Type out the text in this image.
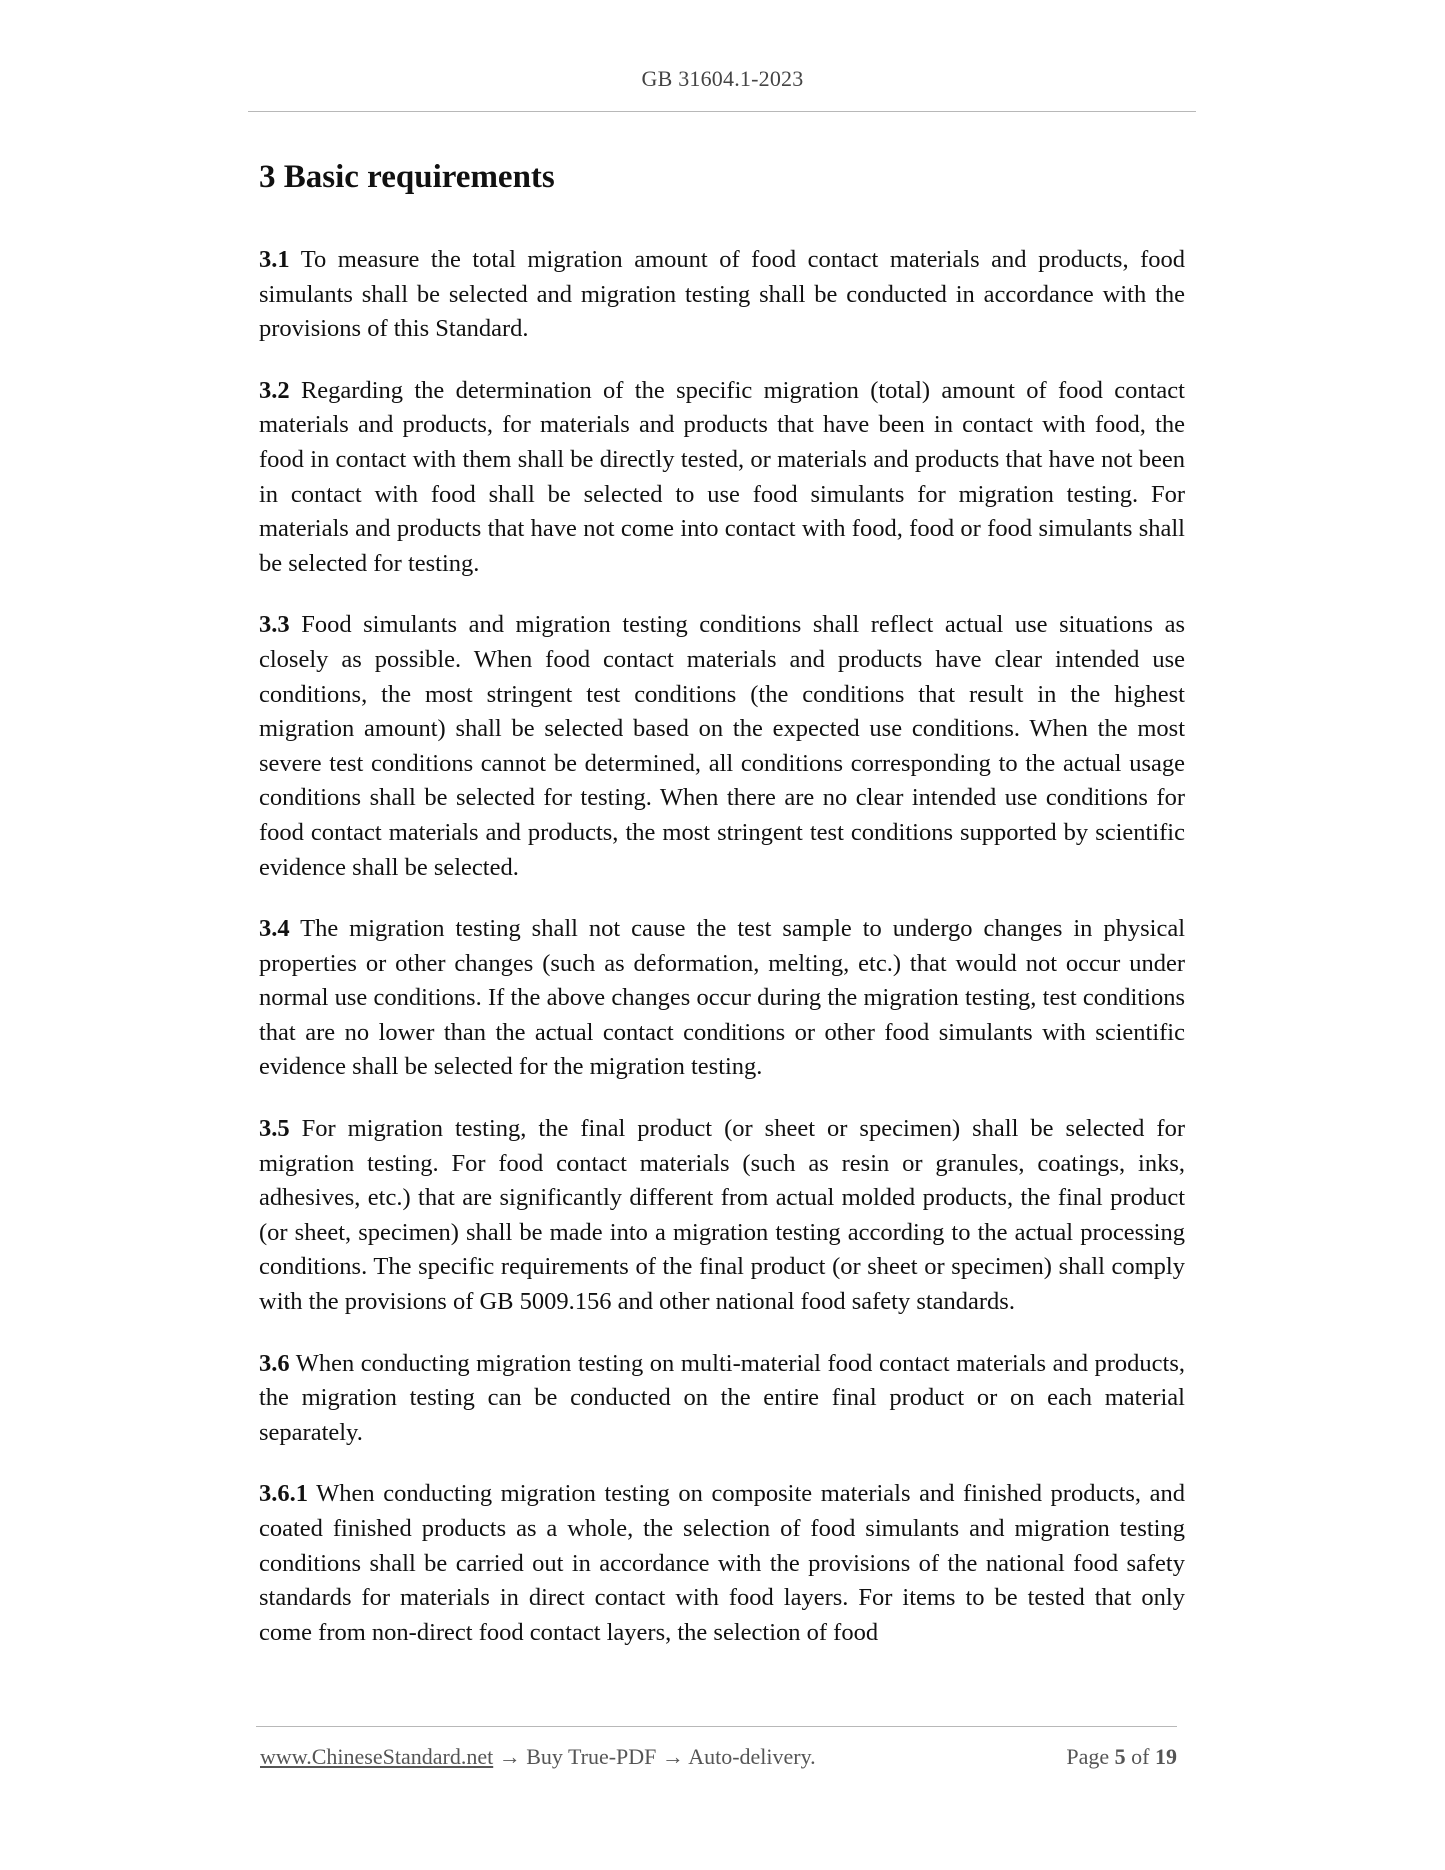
GB 31604.1-2023
3 Basic requirements

3.1 To measure the total migration amount of food contact materials and products, food simulants shall be selected and migration testing shall be conducted in accordance with the provisions of this Standard.

3.2 Regarding the determination of the specific migration (total) amount of food contact materials and products, for materials and products that have been in contact with food, the food in contact with them shall be directly tested, or materials and products that have not been in contact with food shall be selected to use food simulants for migration testing. For materials and products that have not come into contact with food, food or food simulants shall be selected for testing.

3.3 Food simulants and migration testing conditions shall reflect actual use situations as closely as possible. When food contact materials and products have clear intended use conditions, the most stringent test conditions (the conditions that result in the highest migration amount) shall be selected based on the expected use conditions. When the most severe test conditions cannot be determined, all conditions corresponding to the actual usage conditions shall be selected for testing. When there are no clear intended use conditions for food contact materials and products, the most stringent test conditions supported by scientific evidence shall be selected.

3.4 The migration testing shall not cause the test sample to undergo changes in physical properties or other changes (such as deformation, melting, etc.) that would not occur under normal use conditions. If the above changes occur during the migration testing, test conditions that are no lower than the actual contact conditions or other food simulants with scientific evidence shall be selected for the migration testing.

3.5 For migration testing, the final product (or sheet or specimen) shall be selected for migration testing. For food contact materials (such as resin or granules, coatings, inks, adhesives, etc.) that are significantly different from actual molded products, the final product (or sheet, specimen) shall be made into a migration testing according to the actual processing conditions. The specific requirements of the final product (or sheet or specimen) shall comply with the provisions of GB 5009.156 and other national food safety standards.

3.6 When conducting migration testing on multi-material food contact materials and products, the migration testing can be conducted on the entire final product or on each material separately.

3.6.1 When conducting migration testing on composite materials and finished products, and coated finished products as a whole, the selection of food simulants and migration testing conditions shall be carried out in accordance with the provisions of the national food safety standards for materials in direct contact with food layers. For items to be tested that only come from non-direct food contact layers, the selection of food

www.ChineseStandard.net → Buy True-PDF → Auto-delivery.	Page 5 of 19
